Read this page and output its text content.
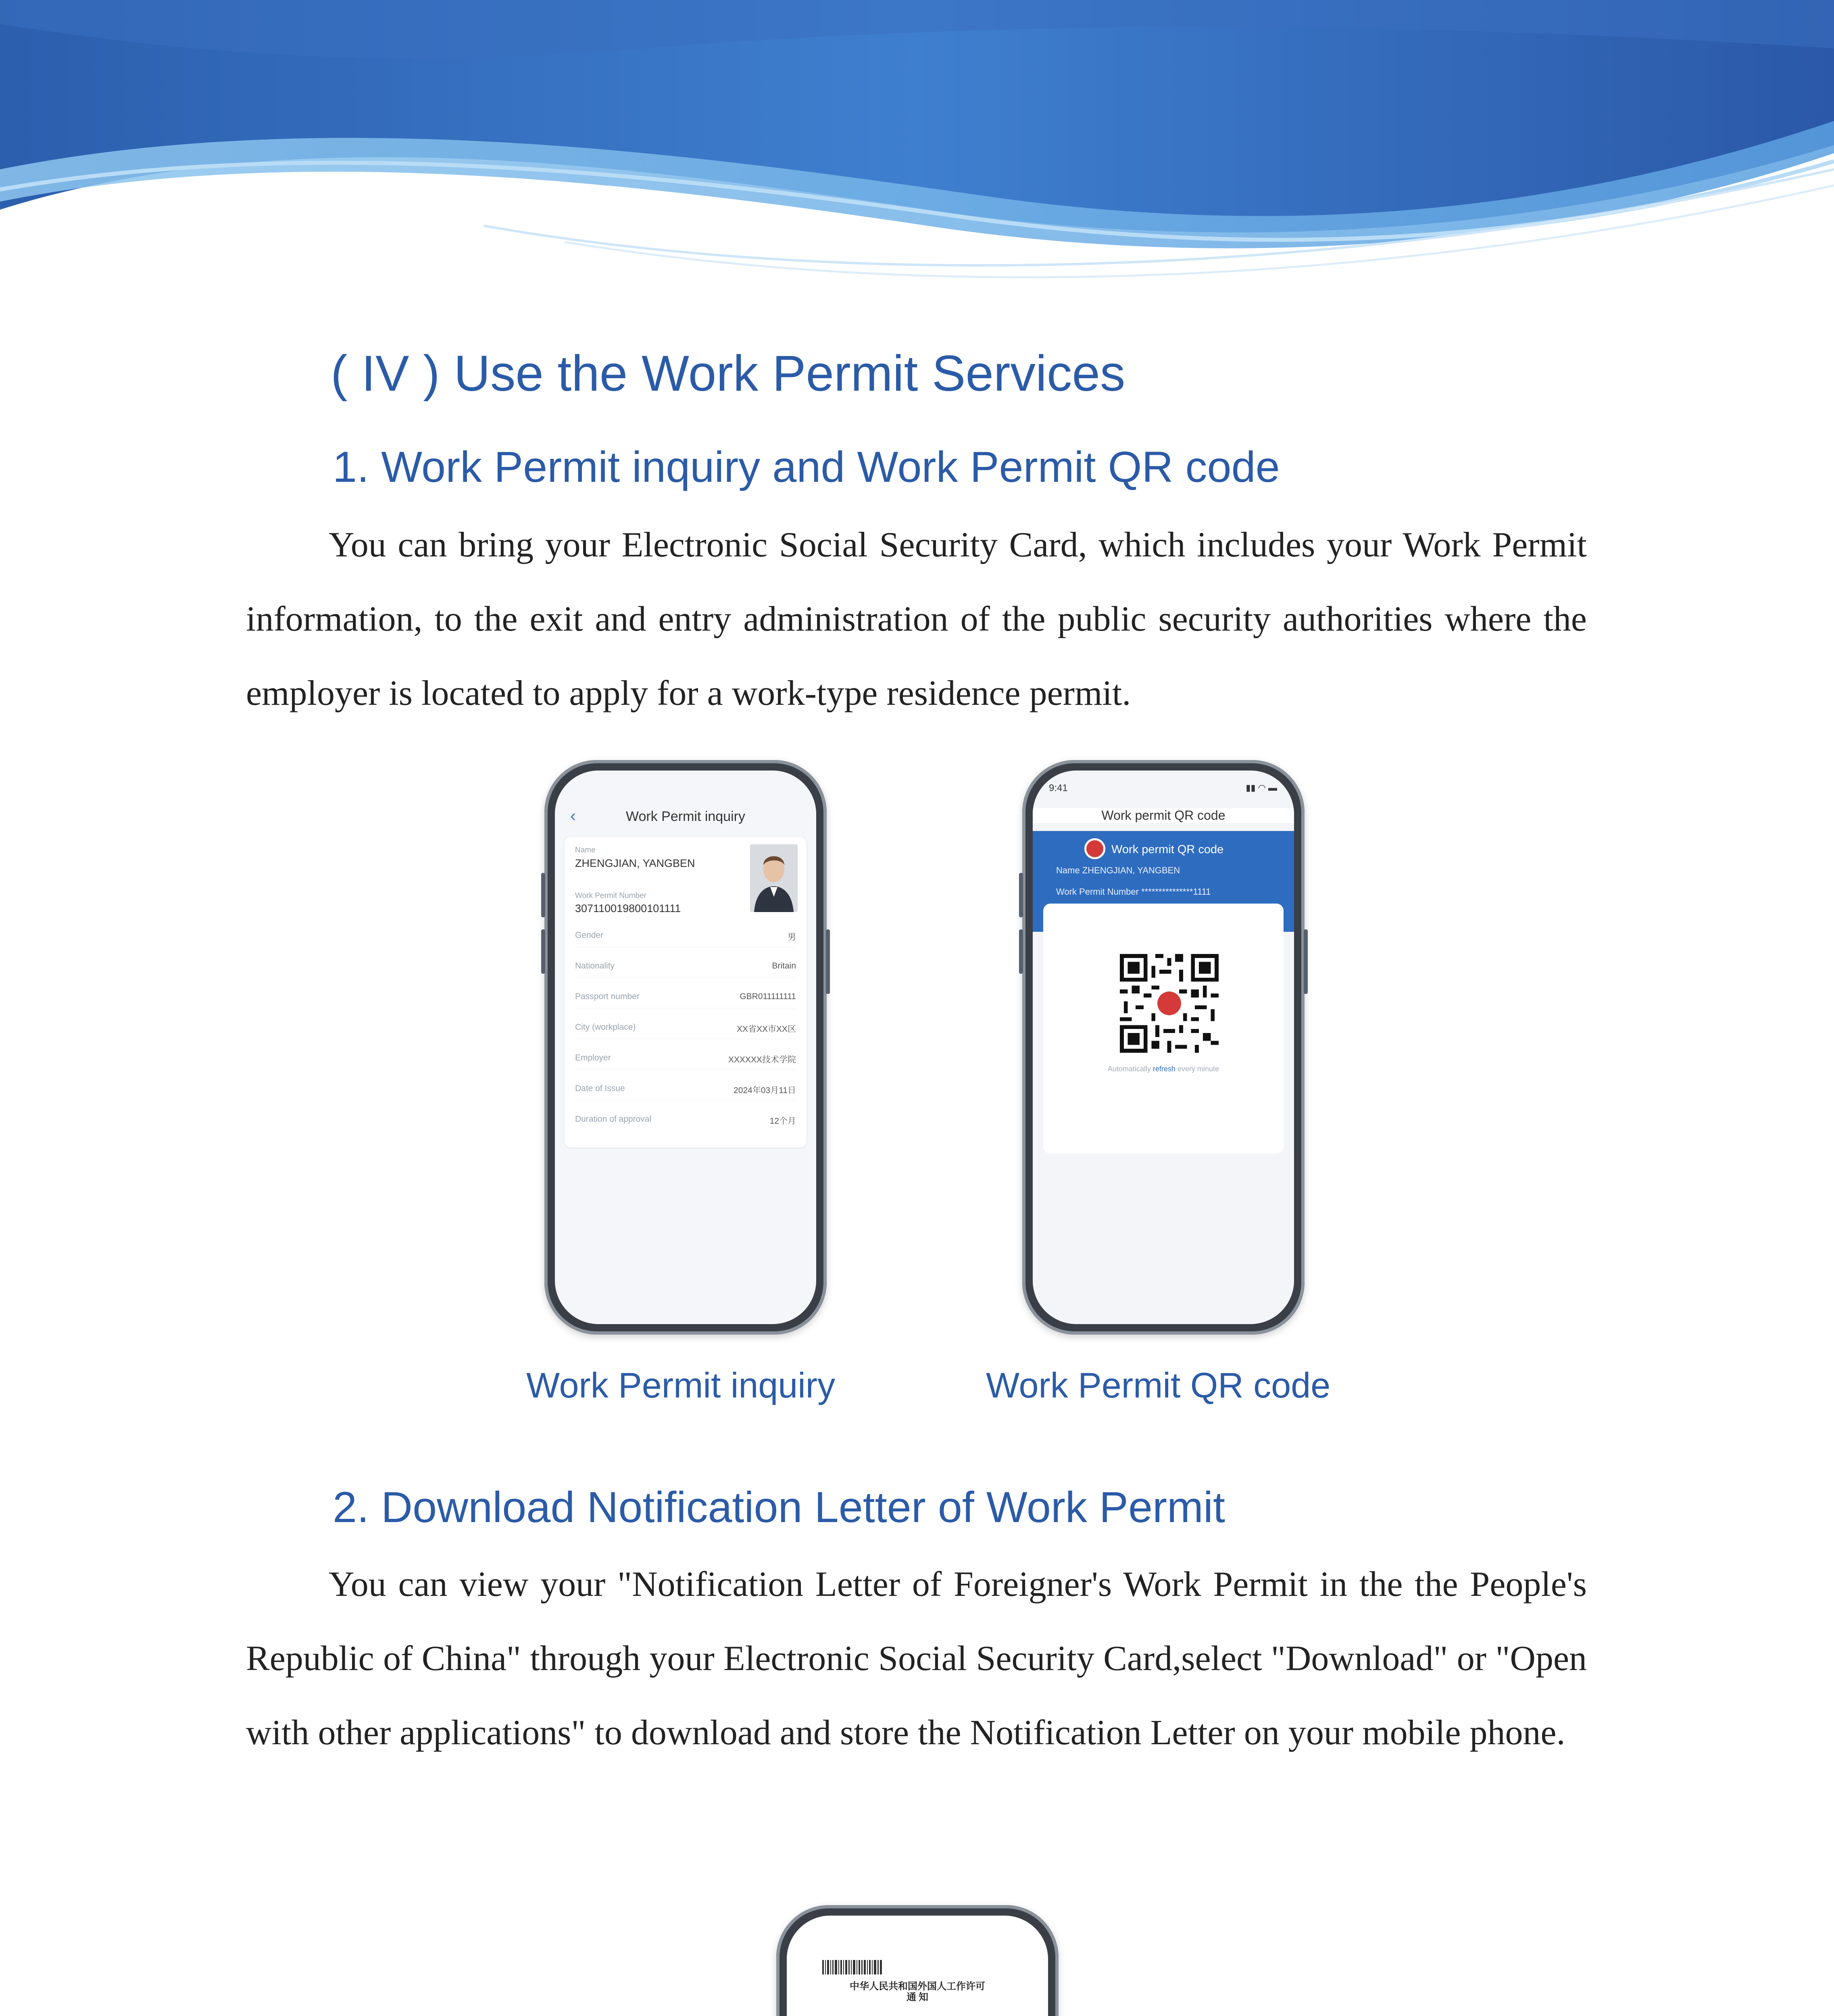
( IV ) Use the Work Permit Services
1. Work Permit inquiry and Work Permit QR code
You can bring your Electronic Social Security Card, which includes your Work Permit information, to the exit and entry administration of the public security authorities where the employer is located to apply for a work-type residence permit.
‹	Work Permit inquiry
Name
ZHENGJIAN, YANGBEN
Work Permit Number
307110019800101111
Gender	男
Nationality	Britain
Passport number	GBR011111111
City (workplace)	XX省XX市XX区
Employer	XXXXXX技术学院
Date of Issue	2024年03月11日
Duration of approval	12个月
Work Permit inquiry
9:41	▮▮ ◠ ▬
Work permit QR code
Work permit QR code
Name ZHENGJIAN, YANGBEN
Work Permit Number ***************1111
Automatically refresh every minute
Work Permit QR code
2. Download Notification Letter of Work Permit
You can view your "Notification Letter of Foreigner's Work Permit in the the People's Republic of China" through your Electronic Social Security Card,select "Download" or "Open with other applications" to download and store the Notification Letter on your mobile phone.
中华人民共和国外国人工作许可
通 知
